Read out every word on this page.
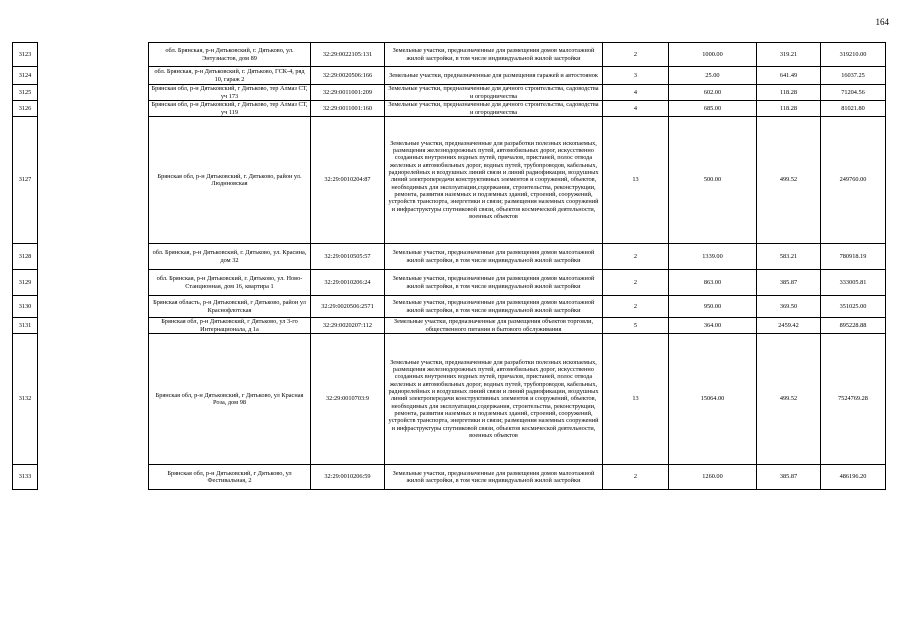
164
3123		обл. Брянская, р-н Дятьковский, г. Дятьково, ул. Энтузиастов, дом 89	32:29:0022105:131	Земельные участки, предназначенные для размещения домов малоэтажной жилой застройки, в том числе индивидуальной жилой застройки	2	1000.00	319.21	319210.00
3124		обл. Брянская, р-н Дятьковский, г. Дятьково, ГСК-4, ряд 10, гараж 2	32:29:0020506:166	Земельные участки, предназначенные для размещения гаражей и автостоянок	3	25.00	641.49	16037.25
3125		Брянская обл, р-н Дятьковский, г Дятьково, тер Алмаз СТ, уч 173	32:29:0011001:209	Земельные участки, предназначенные для дачного строительства, садоводства и огородничества	4	602.00	118.28	71204.56
3126		Брянская обл, р-н Дятьковский, г Дятьково, тер Алмаз СТ, уч 119	32:29:0011001:160	Земельные участки, предназначенные для дачного строительства, садоводства и огородничества	4	685.00	118.28	81021.80
3127		Брянская обл, р-н Дятьковский, г. Дятьково, район ул. Люднновская	32:29:0010204:87	Земельные участки, предназначенные для разработки полезных ископаемых, размещения железнодорожных путей, автомобильных дорог, искусственно созданных внутренних водных путей, причалов, пристаней, полос отвода железных и автомобильных дорог, водных путей, трубопроводов, кабельных, радиорелейных и воздушных линий связи и линий радиофикации, воздушных линий электропередачи конструктивных элементов и сооружений, объектов, необходимых для эксплуатации,содержания, строительства, реконструкции, ремонта, развития наземных и подземных зданий, строений, сооружений, устройств транспорта, энергетики и связи; размещения наземных сооружений и инфраструктуры спутниковой связи, объектов космической деятельности, военных объектов	13	500.00	499.52	249760.00
3128		обл. Брянская, р-н Дятьковский, г. Дятьково, ул. Красина, дом 32	32:29:0010505:57	Земельные участки, предназначенные для размещения домов малоэтажной жилой застройки, в том числе индивидуальной жилой застройки	2	1339.00	583.21	780918.19
3129		обл. Брянская, р-н Дятьковский, г. Дятьково, ул. Ново-Станционная, дом 16, квартира 1	32:29:0010206:24	Земельные участки, предназначенные для размещения домов малоэтажной жилой застройки, в том числе индивидуальной жилой застройки	2	863.00	385.87	333005.81
3130		Брянская область, р-н Дятьковский, г Дятьково, район ул Краснофлотская	32:29:0020506:2571	Земельные участки, предназначенные для размещения домов малоэтажной жилой застройки, в том числе индивидуальной жилой застройки	2	950.00	369.50	351025.00
3131		Брянская обл, р-н Дятьковский, г Дятьково, ул 3-го Интернационала, д 1а	32:29:0020207:112	Земельные участки, предназначенные для размещения объектов торговли, общественного питания и бытового обслуживания	5	364.00	2459.42	895228.88
3132		Брянская обл, р-н Дятьковский, г Дятьково, ул Красная Роза, дом 98	32:29:0010703:9	Земельные участки, предназначенные для разработки полезных ископаемых, размещения железнодорожных путей, автомобильных дорог, искусственно созданных внутренних водных путей, причалов, пристаней, полос отвода железных и автомобильных дорог, водных путей, трубопроводов, кабельных, радиорелейных и воздушных линий связи и линий радиофикации, воздушных линий электропередачи конструктивных элементов и сооружений, объектов, необходимых для эксплуатации,содержания, строительства, реконструкции, ремонта, развития наземных и подземных зданий, строений, сооружений, устройств транспорта, энергетики и связи; размещения наземных сооружений и инфраструктуры спутниковой связи, объектов космической деятельности, военных объектов	13	15064.00	499.52	7524769.28
3133		Брянская обл, р-н Дятьковский, г Дятьково, ул Фестивальная, 2	32:29:0010206:59	Земельные участки, предназначенные для размещения домов малоэтажной жилой застройки, в том числе индивидуальной жилой застройки	2	1260.00	385.87	486196.20
